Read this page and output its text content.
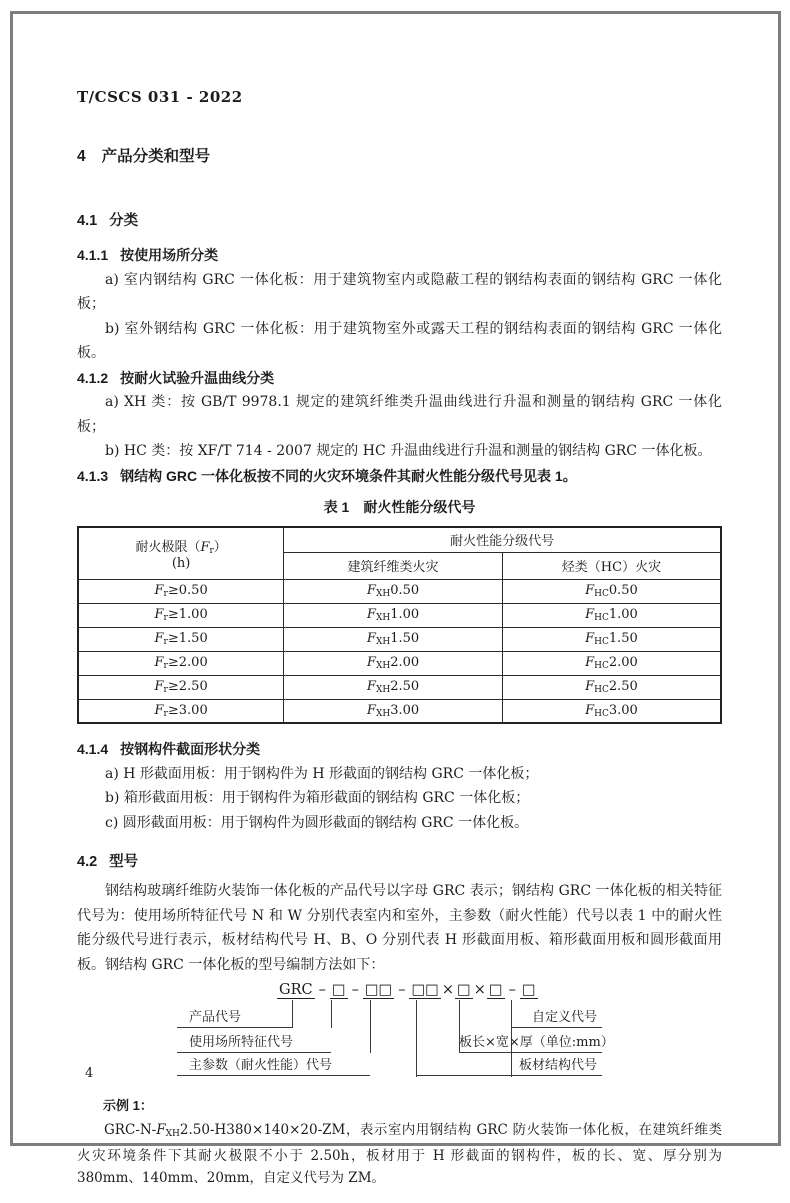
T/CSCS 031 - 2022
4 产品分类和型号
4.1 分类
4.1.1 按使用场所分类

a) 室内钢结构 GRC 一体化板：用于建筑物室内或隐蔽工程的钢结构表面的钢结构 GRC 一体化板；

b) 室外钢结构 GRC 一体化板：用于建筑物室外或露天工程的钢结构表面的钢结构 GRC 一体化板。

4.1.2 按耐火试验升温曲线分类

a) XH 类：按 GB/T 9978.1 规定的建筑纤维类升温曲线进行升温和测量的钢结构 GRC 一体化板；

b) HC 类：按 XF/T 714 - 2007 规定的 HC 升温曲线进行升温和测量的钢结构 GRC 一体化板。

4.1.3 钢结构 GRC 一体化板按不同的火灾环境条件其耐火性能分级代号见表 1。
表 1 耐火性能分级代号
耐火极限$(F_r)$
(h)	耐火性能分级代号	
	建筑纤维类火灾	烃类（HC）火灾
$F_r\ge 0.50$	$F_{XH}0.50$	$F_{HC}0.50$
$F_r\ge 1.00$	$F_{XH}1.00$	$F_{HC}1.00$
$F_r\ge 1.50$	$F_{XH}1.50$	$F_{HC}1.50$
$F_r\ge 2.00$	$F_{XH}2.00$	$F_{HC}2.00$
$F_r\ge 2.50$	$F_{XH}2.50$	$F_{HC}2.50$
$F_r\ge 3.00$	$F_{XH}3.00$	$F_{HC}3.00$
4.1.4 按钢构件截面形状分类

a) H 形截面用板：用于钢构件为 H 形截面的钢结构 GRC 一体化板；

b) 箱形截面用板：用于钢构件为箱形截面的钢结构 GRC 一体化板；

c) 圆形截面用板：用于钢构件为圆形截面的钢结构 GRC 一体化板。

4.2 型号

钢结构玻璃纤维防火装饰一体化板的产品代号以字母 GRC 表示；钢结构 GRC 一体化板的相关特征代号为：使用场所特征代号 N 和 W 分别代表室内和室外，主参数（耐火性能）代号以表 1 中的耐火性能分级代号进行表示，板材结构代号 H、B、O 分别代表 H 形截面用板、箱形截面用板和圆形截面用板。钢结构 GRC 一体化板的型号编制方法如下：

GRC – □ – □□ – □□ × □ × □ – □
产品代号
使用场所特征代号
主参数（耐火性能）代号
自定义代号
板长×宽×厚（单位:mm）
板材结构代号
示例 1：

GRC-$N-F_{XH}2.50-H380\times 140\times 20-ZM$，表示室内用钢结构 GRC 防火装饰一体化板，在建筑纤维类火灾环境条件下其耐火极限不小于 2.50h，板材用于 H 形截面的钢构件，板的长、宽、厚分别为 380mm、140mm、20mm，自定义代号为 ZM。

4
